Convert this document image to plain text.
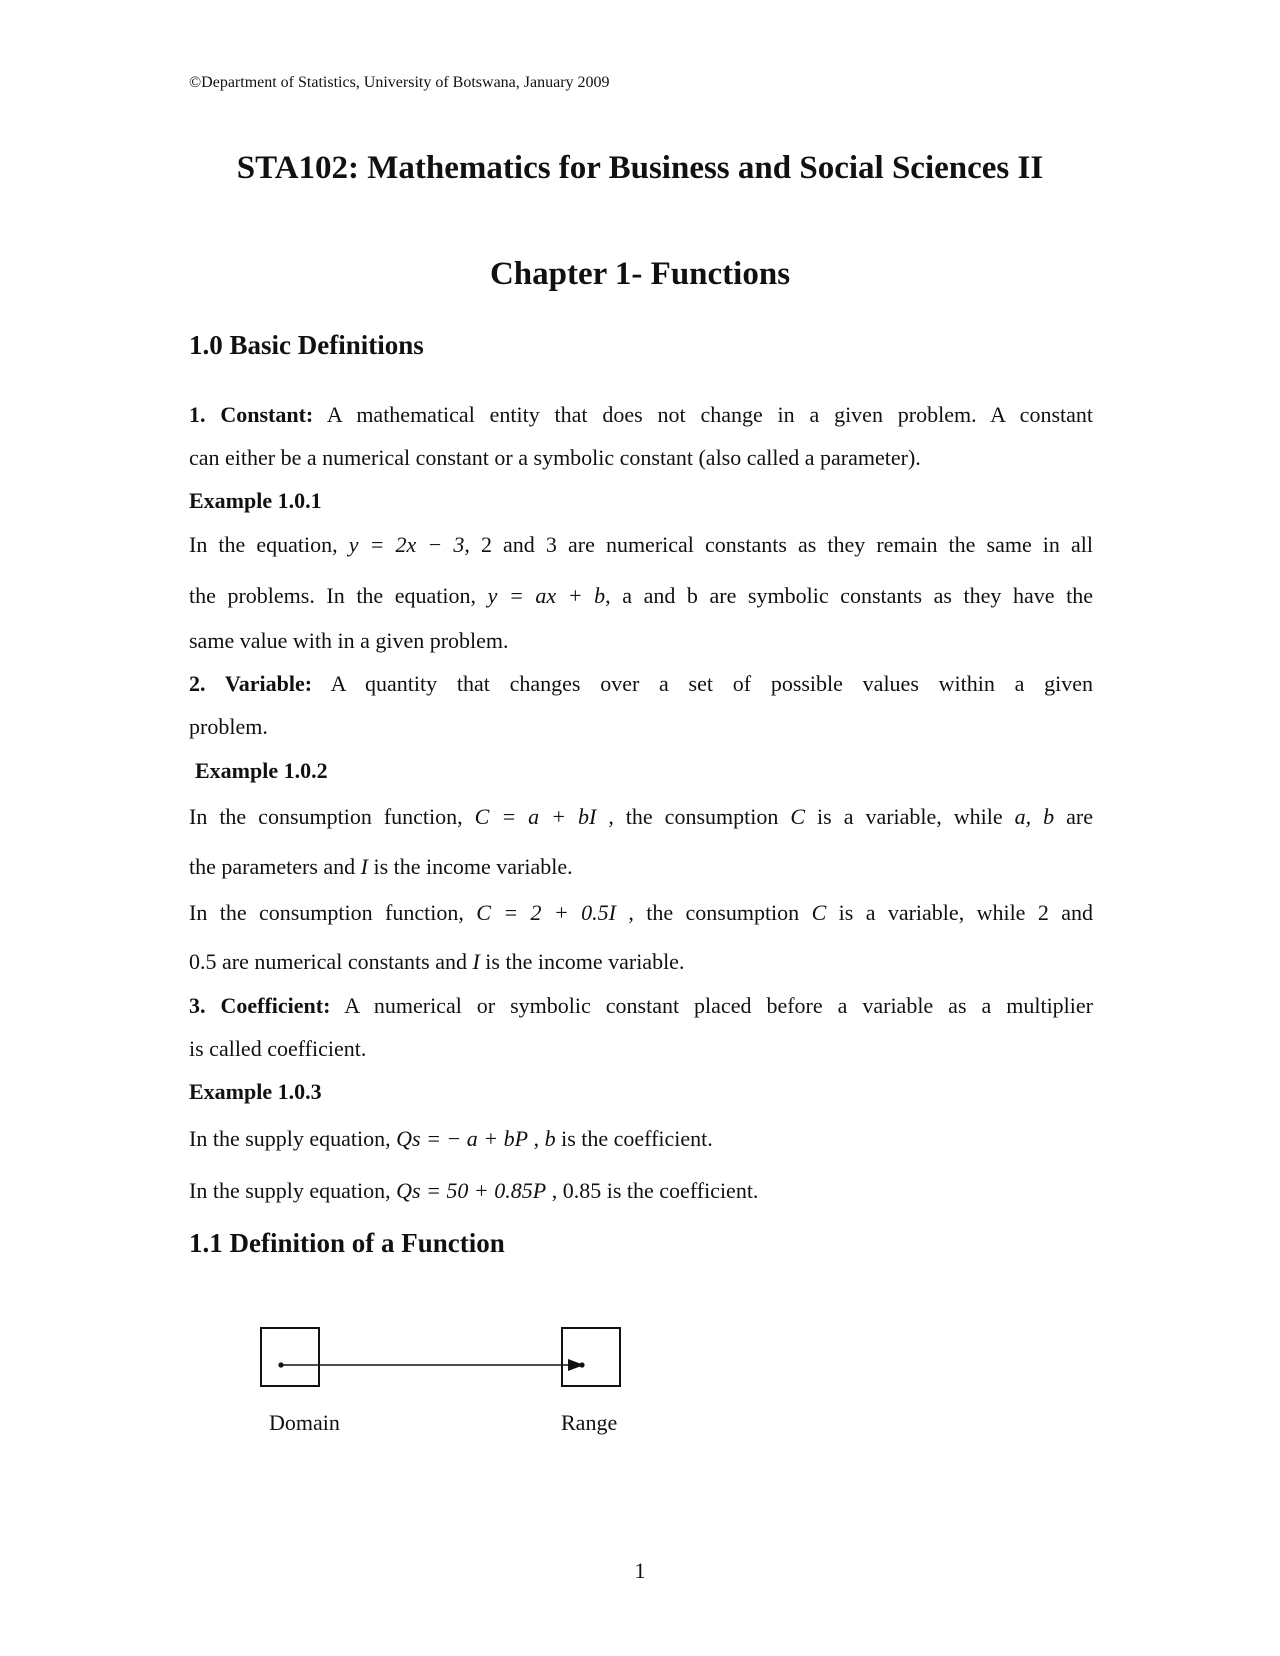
©Department of Statistics, University of Botswana, January 2009
STA102: Mathematics for Business and Social Sciences II
Chapter 1- Functions
1.0 Basic Definitions
1. Constant: A mathematical entity that does not change in a given problem. A constant
can either be a numerical constant or a symbolic constant (also called a parameter).
Example 1.0.1
In the equation, y = 2x − 3, 2 and 3 are numerical constants as they remain the same in all
the problems. In the equation, y = ax + b, a and b are symbolic constants as they have the
same value with in a given problem.
2. Variable: A quantity that changes over a set of possible values within a given
problem.
Example 1.0.2
In the consumption function, C = a + bI , the consumption C is a variable, while a, b are
the parameters and I is the income variable.
In the consumption function, C = 2 + 0.5I , the consumption C is a variable, while 2 and
0.5 are numerical constants and I is the income variable.
3. Coefficient: A numerical or symbolic constant placed before a variable as a multiplier
is called coefficient.
Example 1.0.3
In the supply equation, Qs = − a + bP , b is the coefficient.
In the supply equation, Qs = 50 + 0.85P , 0.85 is the coefficient.
1.1 Definition of a Function
Domain	Range
1
